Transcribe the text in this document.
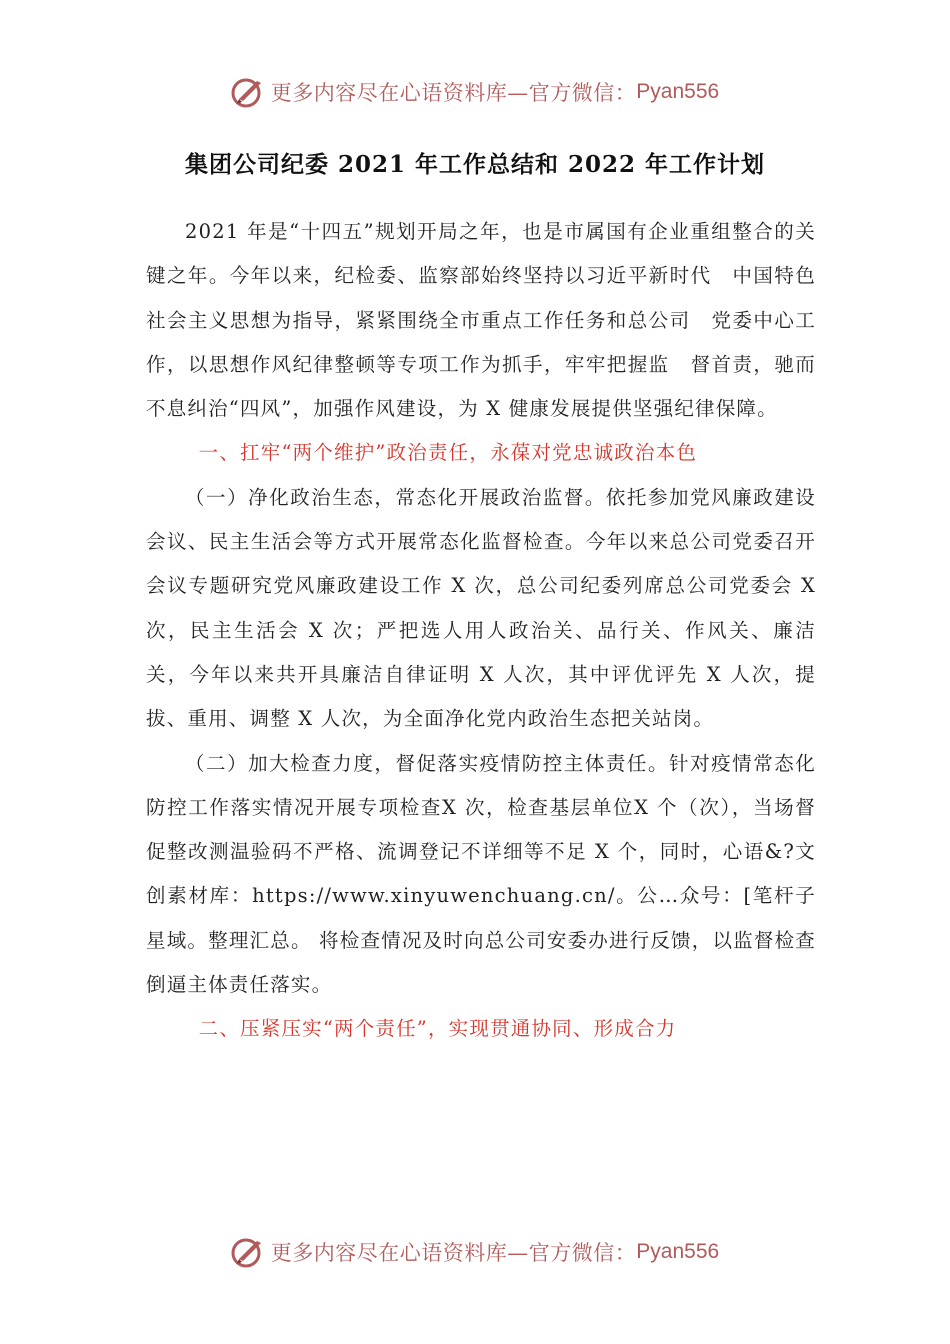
更多内容尽在心语资料库—官方微信： Pyan556
集团公司纪委 2021 年工作总结和 2022 年工作计划

2021 年是“十四五”规划开局之年，也是市属国有企业重组整合的关键之年。今年以来，纪检委、监察部始终坚持以习近平新时代　中国特色社会主义思想为指导，紧紧围绕全市重点工作任务和总公司　党委中心工作，以思想作风纪律整顿等专项工作为抓手，牢牢把握监　督首责，驰而不息纠治“四风”，加强作风建设，为 X 健康发展提供坚强纪律保障。

一、扛牢“两个维护”政治责任，永葆对党忠诚政治本色

（一）净化政治生态，常态化开展政治监督。依托参加党风廉政建设会议、民主生活会等方式开展常态化监督检查。今年以来总公司党委召开会议专题研究党风廉政建设工作 X 次，总公司纪委列席总公司党委会 X 次，民主生活会 X 次；严把选人用人政治关、品行关、作风关、廉洁关，今年以来共开具廉洁自律证明 X 人次，其中评优评先 X 人次，提拔、重用、调整 X 人次，为全面净化党内政治生态把关站岗。

（二）加大检查力度，督促落实疫情防控主体责任。针对疫情常态化防控工作落实情况开展专项检查X 次，检查基层单位X 个（次），当场督促整改测温验码不严格、流调登记不详细等不足 X 个，同时，心语&?文创素材库：https://www.xinyuwenchuang.cn/。公…众号：[笔杆子星域。整理汇总。 将检查情况及时向总公司安委办进行反馈，以监督检查倒逼主体责任落实。

二、压紧压实“两个责任”，实现贯通协同、形成合力

更多内容尽在心语资料库—官方微信： Pyan556
